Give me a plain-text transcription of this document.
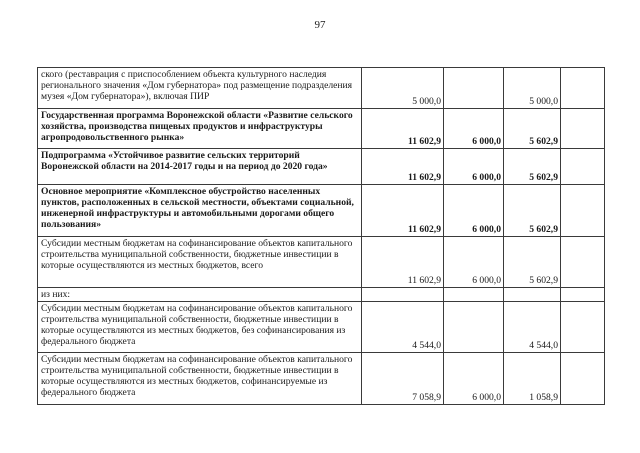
97
ского (реставрация с приспособлением объекта культурного наследия регионального значения «Дом губернатора» под размещение подразделения музея «Дом губернатора»), включая ПИР	5 000,0		5 000,0	
Государственная программа Воронежской области «Развитие сельского хозяйства, производства пищевых продуктов и инфраструктуры агропродовольственного рынка»	11 602,9	6 000,0	5 602,9	
Подпрограмма «Устойчивое развитие сельских территорий Воронежской области на 2014-2017 годы и на период до 2020 года»	11 602,9	6 000,0	5 602,9	
Основное мероприятие «Комплексное обустройство населенных пунктов, расположенных в сельской местности, объектами социальной, инженерной инфраструктуры и автомобильными дорогами общего пользования»	11 602,9	6 000,0	5 602,9	
Субсидии местным бюджетам на софинансирование объектов капитального строительства муниципальной собственности, бюджетные инвестиции в которые осуществляются из местных бюджетов, всего	11 602,9	6 000,0	5 602,9	
из них:				
Субсидии местным бюджетам на софинансирование объектов капитального строительства муниципальной собственности, бюджетные инвестиции в которые осуществляются из местных бюджетов, без софинансирования из федерального бюджета	4 544,0		4 544,0	
Субсидии местным бюджетам на софинансирование объектов капитального строительства муниципальной собственности, бюджетные инвестиции в которые осуществляются из местных бюджетов, софинансируемые из федерального бюджета	7 058,9	6 000,0	1 058,9	
